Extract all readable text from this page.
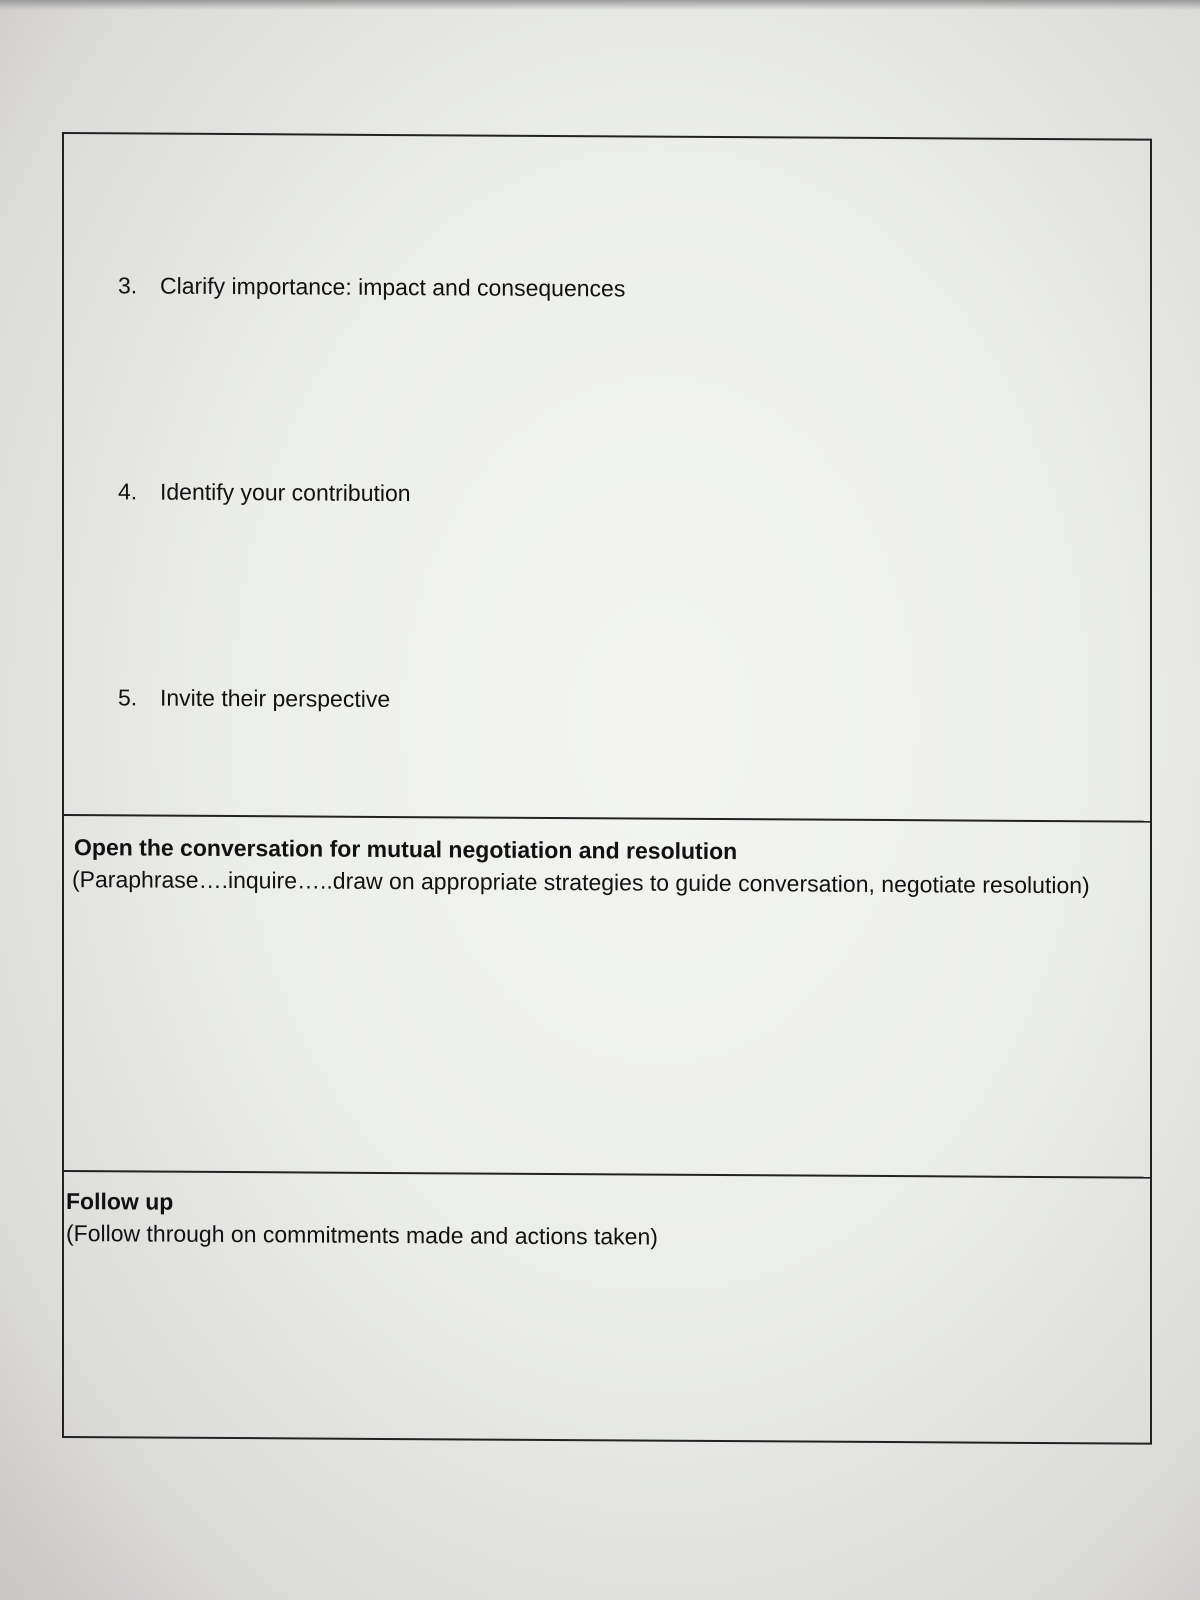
3. Clarify importance: impact and consequences
4. Identify your contribution
5. Invite their perspective
Open the conversation for mutual negotiation and resolution
(Paraphrase….inquire…..draw on appropriate strategies to guide conversation, negotiate resolution)
Follow up
(Follow through on commitments made and actions taken)
